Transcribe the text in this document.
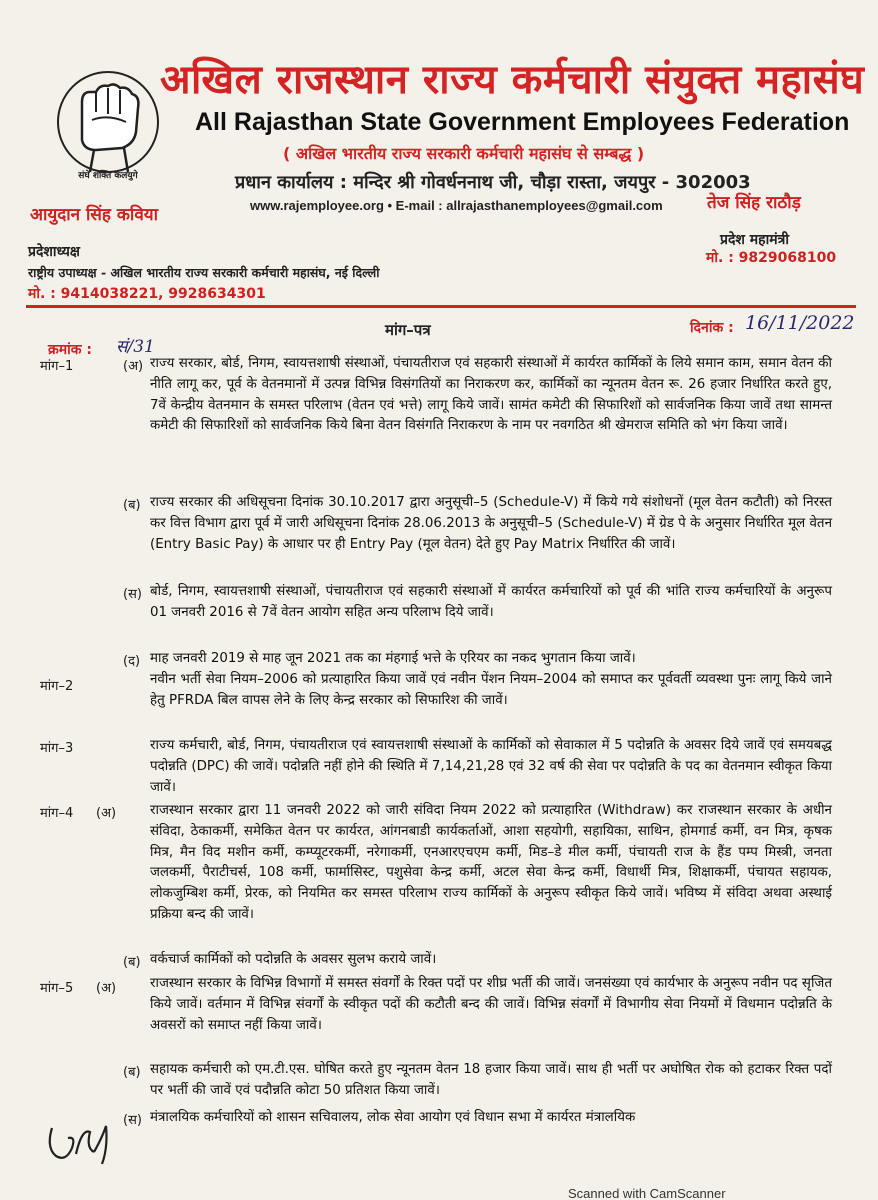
संघे शक्ति कलयुगे
अखिल राजस्थान राज्य कर्मचारी संयुक्त महासंघ
All Rajasthan State Government Employees Federation
( अखिल भारतीय राज्य सरकारी कर्मचारी महासंघ से सम्बद्ध )
प्रधान कार्यालय : मन्दिर श्री गोवर्धननाथ जी, चौड़ा रास्ता, जयपुर - 302003
www.rajemployee.org • E-mail : allrajasthanemployees@gmail.com
आयुदान सिंह कविया
तेज सिंह राठौड़
प्रदेशाध्यक्ष
राष्ट्रीय उपाध्यक्ष - अखिल भारतीय राज्य सरकारी कर्मचारी महासंघ, नई दिल्ली
मो. : 9414038221, 9928634301
प्रदेश महामंत्री
मो. : 9829068100
मांग–पत्र
क्रमांक : सं/31
दिनांक : 16/11/2022
मांग–1	(अ) राज्य सरकार, बोर्ड, निगम, स्वायत्तशाषी संस्थाओं, पंचायतीराज एवं सहकारी संस्थाओं में कार्यरत कार्मिकों के लिये समान काम, समान वेतन की नीति लागू कर, पूर्व के वेतनमानों में उत्पन्न विभिन्न विसंगतियों का निराकरण कर, कार्मिकों का न्यूनतम वेतन रू. 26 हजार निर्धारित करते हुए, 7वें केन्द्रीय वेतनमान के समस्त परिलाभ (वेतन एवं भत्ते) लागू किये जावें। सामंत कमेटी की सिफारिशों को सार्वजनिक किया जावें तथा सामन्त कमेटी की सिफारिशों को सार्वजनिक किये बिना वेतन विसंगति निराकरण के नाम पर नवगठित श्री खेमराज समिति को भंग किया जावें।
(ब) राज्य सरकार की अधिसूचना दिनांक 30.10.2017 द्वारा अनुसूची–5 (Schedule-V) में किये गये संशोधनों (मूल वेतन कटौती) को निरस्त कर वित्त विभाग द्वारा पूर्व में जारी अधिसूचना दिनांक 28.06.2013 के अनुसूची–5 (Schedule-V) में ग्रेड पे के अनुसार निर्धारित मूल वेतन (Entry Basic Pay) के आधार पर ही Entry Pay (मूल वेतन) देते हुए Pay Matrix निर्धारित की जावें।
(स) बोर्ड, निगम, स्वायत्तशाषी संस्थाओं, पंचायतीराज एवं सहकारी संस्थाओं में कार्यरत कर्मचारियों को पूर्व की भांति राज्य कर्मचारियों के अनुरूप 01 जनवरी 2016 से 7वें वेतन आयोग सहित अन्य परिलाभ दिये जावें।
(द) माह जनवरी 2019 से माह जून 2021 तक का मंहगाई भत्ते के एरियर का नकद भुगतान किया जावें।
मांग–2	नवीन भर्ती सेवा नियम–2006 को प्रत्याहारित किया जावें एवं नवीन पेंशन नियम–2004 को समाप्त कर पूर्ववर्ती व्यवस्था पुनः लागू किये जाने हेतु PFRDA बिल वापस लेने के लिए केन्द्र सरकार को सिफारिश की जावें।
मांग–3	राज्य कर्मचारी, बोर्ड, निगम, पंचायतीराज एवं स्वायत्तशाषी संस्थाओं के कार्मिकों को सेवाकाल में 5 पदोन्नति के अवसर दिये जावें एवं समयबद्ध पदोन्नति (DPC) की जावें। पदोन्नति नहीं होने की स्थिति में 7,14,21,28 एवं 32 वर्ष की सेवा पर पदोन्नति के पद का वेतनमान स्वीकृत किया जावें।
मांग–4 (अ)	राजस्थान सरकार द्वारा 11 जनवरी 2022 को जारी संविदा नियम 2022 को प्रत्याहारित (Withdraw) कर राजस्थान सरकार के अधीन संविदा, ठेकाकर्मी, समेकित वेतन पर कार्यरत, आंगनबाडी कार्यकर्ताओं, आशा सहयोगी, सहायिका, साथिन, होमगार्ड कर्मी, वन मित्र, कृषक मित्र, मैन विद मशीन कर्मी, कम्प्यूटरकर्मी, नरेगाकर्मी, एनआरएचएम कर्मी, मिड–डे मील कर्मी, पंचायती राज के हैंड पम्प मिस्त्री, जनता जलकर्मी, पैराटीचर्स, 108 कर्मी, फार्मासिस्ट, पशुसेवा केन्द्र कर्मी, अटल सेवा केन्द्र कर्मी, विधार्थी मित्र, शिक्षाकर्मी, पंचायत सहायक, लोकजुम्बिश कर्मी, प्रेरक, को नियमित कर समस्त परिलाभ राज्य कार्मिकों के अनुरूप स्वीकृत किये जावें। भविष्य में संविदा अथवा अस्थाई प्रक्रिया बन्द की जावें।
(ब) वर्कचार्ज कार्मिकों को पदोन्नति के अवसर सुलभ कराये जावें।
मांग–5 (अ)	राजस्थान सरकार के विभिन्न विभागों में समस्त संवर्गों के रिक्त पदों पर शीघ्र भर्ती की जावें। जनसंख्या एवं कार्यभार के अनुरूप नवीन पद सृजित किये जावें। वर्तमान में विभिन्न संवर्गों के स्वीकृत पदों की कटौती बन्द की जावें। विभिन्न संवर्गों में विभागीय सेवा नियमों में विधमान पदोन्नति के अवसरों को समाप्त नहीं किया जावें।
(ब) सहायक कर्मचारी को एम.टी.एस. घोषित करते हुए न्यूनतम वेतन 18 हजार किया जावें। साथ ही भर्ती पर अघोषित रोक को हटाकर रिक्त पदों पर भर्ती की जावें एवं पदौन्नति कोटा 50 प्रतिशत किया जावें।
(स) मंत्रालयिक कर्मचारियों को शासन सचिवालय, लोक सेवा आयोग एवं विधान सभा में कार्यरत मंत्रालयिक
Scanned with CamScanner
